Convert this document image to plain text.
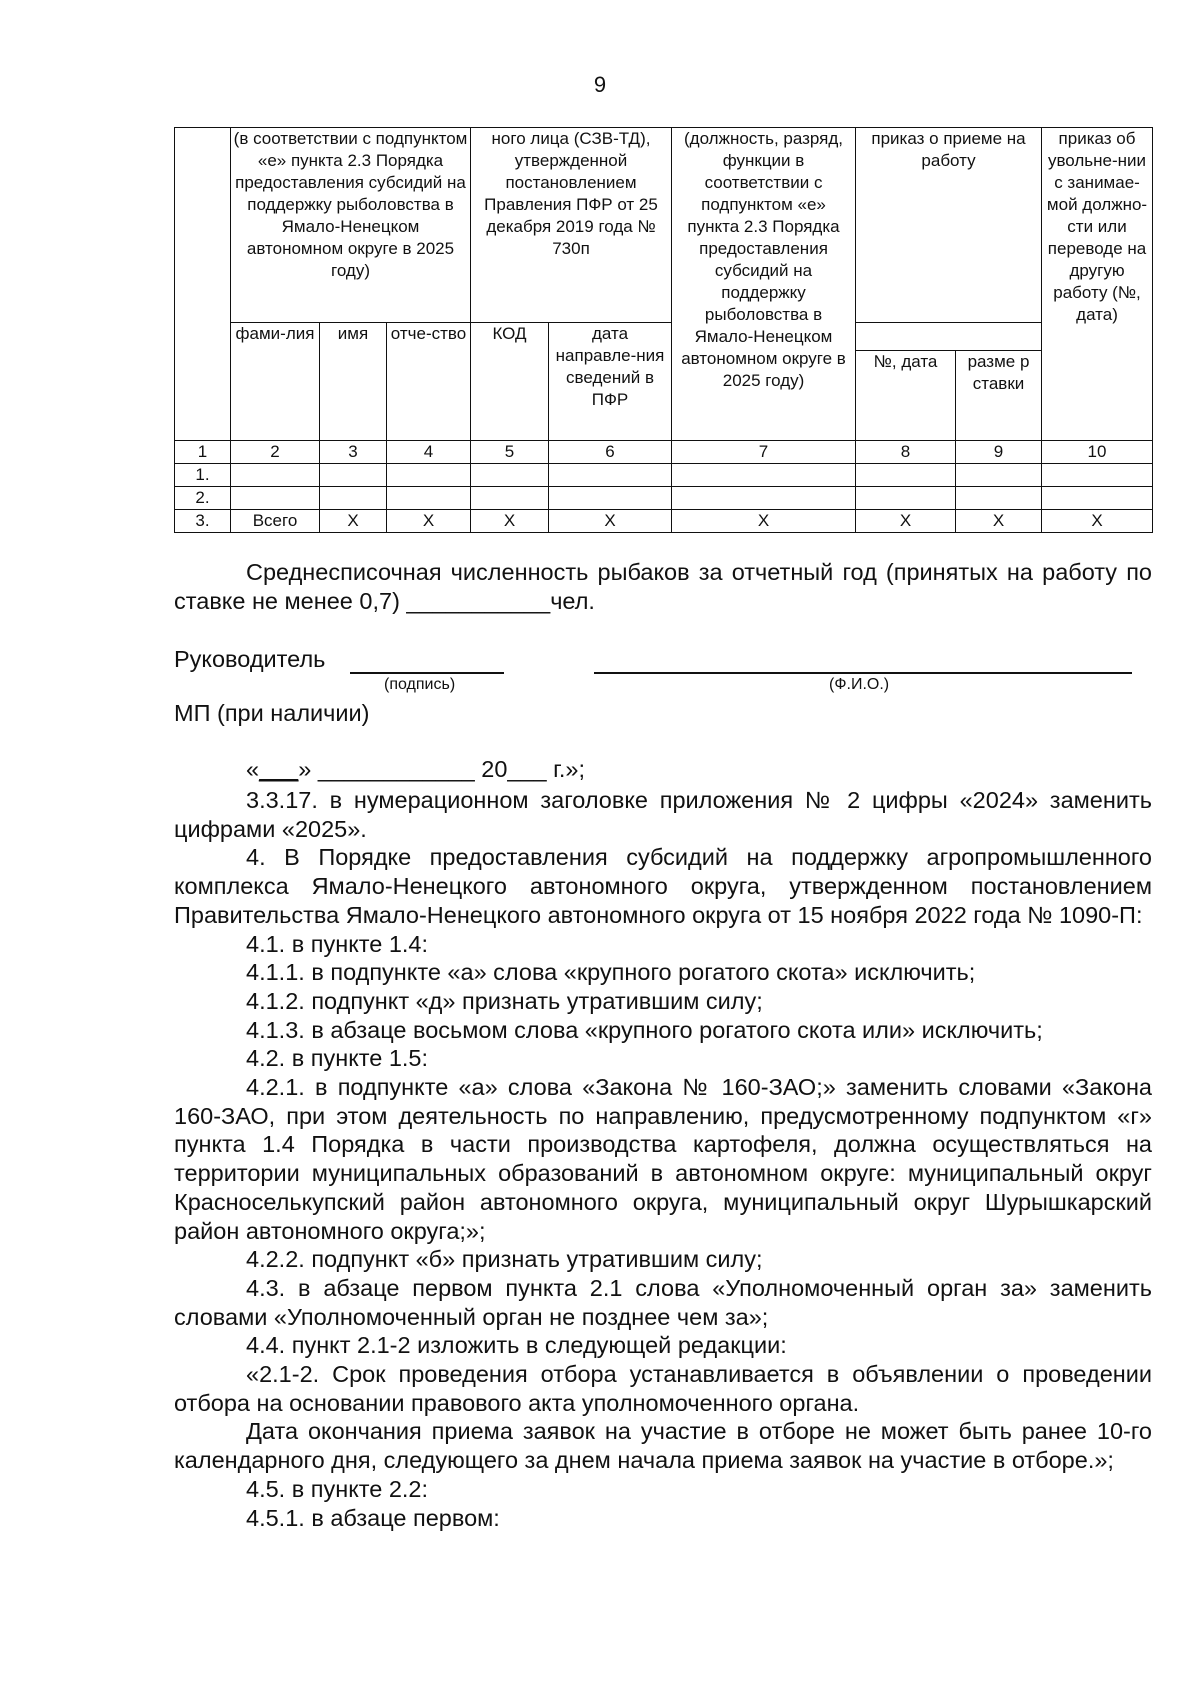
9
	(в соответствии с подпунктом «е» пункта 2.3 Порядка предоставления субсидий на поддержку рыболовства в Ямало-Ненецком автономном округе в 2025 году)			ного лица (СЗВ-ТД), утвержденной постановлением Правления ПФР от 25 декабря 2019 года № 730п		(должность, разряд, функции в соответствии с подпунктом «е» пункта 2.3 Порядка предоставления субсидий на поддержку рыболовства в Ямало-Ненецком автономном округе в 2025 году)	приказ о приеме на работу		приказ об увольне-нии с занимае-мой должно-сти или переводе на другую работу (№, дата)
	фами-лия	имя	отче-ство	КОД	дата направле-ния сведений в ПФР				
							№, дата	разме р ставки	
1	2	3	4	5	6	7	8	9	10
1.									
2.									
3.	Всего	Х	Х	Х	Х	Х	Х	Х	Х

Среднесписочная численность рыбаков за отчетный год (принятых на работу по ставке не менее 0,7) ___________чел.

Руководитель
(подпись)	(Ф.И.О.)
МП (при наличии)
«___» ____________ 20___ г.»;

3.3.17. в нумерационном заголовке приложения № 2 цифры «2024» заменить цифрами «2025».

4. В Порядке предоставления субсидий на поддержку агропромышленного комплекса Ямало-Ненецкого автономного округа, утвержденном постановлением Правительства Ямало-Ненецкого автономного округа от 15 ноября 2022 года № 1090-П:

4.1. в пункте 1.4:

4.1.1. в подпункте «а» слова «крупного рогатого скота» исключить;

4.1.2. подпункт «д» признать утратившим силу;

4.1.3. в абзаце восьмом слова «крупного рогатого скота или» исключить;

4.2. в пункте 1.5:

4.2.1. в подпункте «а» слова «Закона № 160-ЗАО;» заменить словами «Закона 160-ЗАО, при этом деятельность по направлению, предусмотренному подпунктом «г» пункта 1.4 Порядка в части производства картофеля, должна осуществляться на территории муниципальных образований в автономном округе: муниципальный округ Красноселькупский район автономного округа, муниципальный округ Шурышкарский район автономного округа;»;

4.2.2. подпункт «б» признать утратившим силу;

4.3. в абзаце первом пункта 2.1 слова «Уполномоченный орган за» заменить словами «Уполномоченный орган не позднее чем за»;

4.4. пункт 2.1-2 изложить в следующей редакции:

«2.1-2. Срок проведения отбора устанавливается в объявлении о проведении отбора на основании правового акта уполномоченного органа.

Дата окончания приема заявок на участие в отборе не может быть ранее 10-го календарного дня, следующего за днем начала приема заявок на участие в отборе.»;

4.5. в пункте 2.2:

4.5.1. в абзаце первом:
